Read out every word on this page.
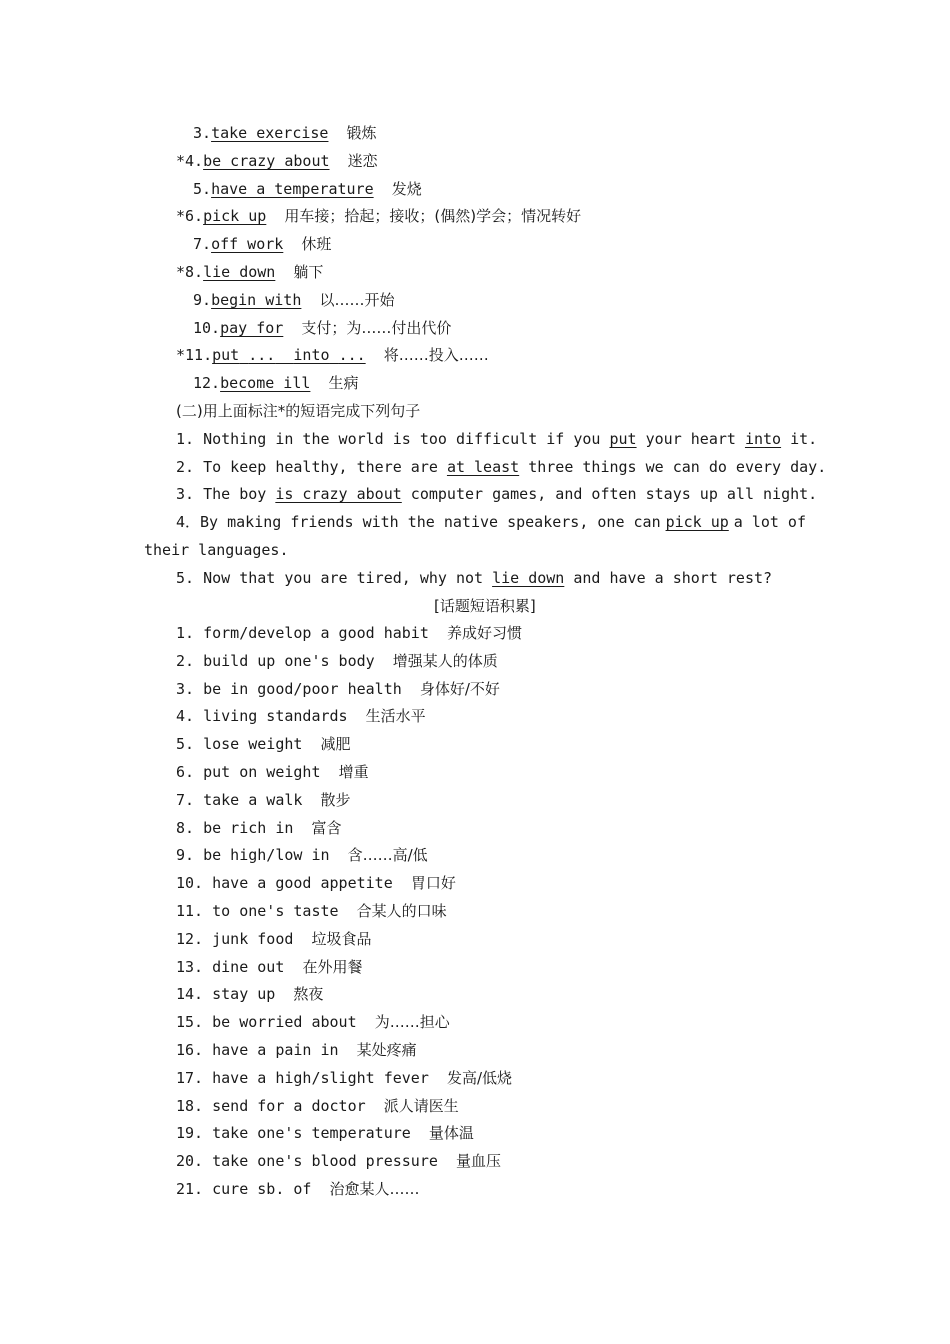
3.take exercise 锻炼
*4.be crazy about 迷恋
5.have a temperature 发烧
*6.pick up 用车接；拾起；接收；(偶然)学会；情况转好
7.off work 休班
*8.lie down 躺下
9.begin with 以……开始
10.pay for 支付；为……付出代价
*11.put ... into ... 将……投入……
12.become ill 生病
(二)用上面标注*的短语完成下列句子
1. Nothing in the world is too difficult if you put your heart into it.
2. To keep healthy, there are at least three things we can do every day.
3. The boy is crazy about computer games, and often stays up all night.
4．By making friends with the native speakers, one can pick up a lot of
their languages.
5. Now that you are tired, why not lie down and have a short rest?
[话题短语积累]
1. form/develop a good habit 养成好习惯
2. build up one's body 增强某人的体质
3. be in good/poor health 身体好/不好
4. living standards 生活水平
5. lose weight 减肥
6. put on weight 增重
7. take a walk 散步
8. be rich in 富含
9. be high/low in 含……高/低
10. have a good appetite 胃口好
11. to one's taste 合某人的口味
12. junk food 垃圾食品
13. dine out 在外用餐
14. stay up 熬夜
15. be worried about 为……担心
16. have a pain in 某处疼痛
17. have a high/slight fever 发高/低烧
18. send for a doctor 派人请医生
19. take one's temperature 量体温
20. take one's blood pressure 量血压
21. cure sb. of 治愈某人……
